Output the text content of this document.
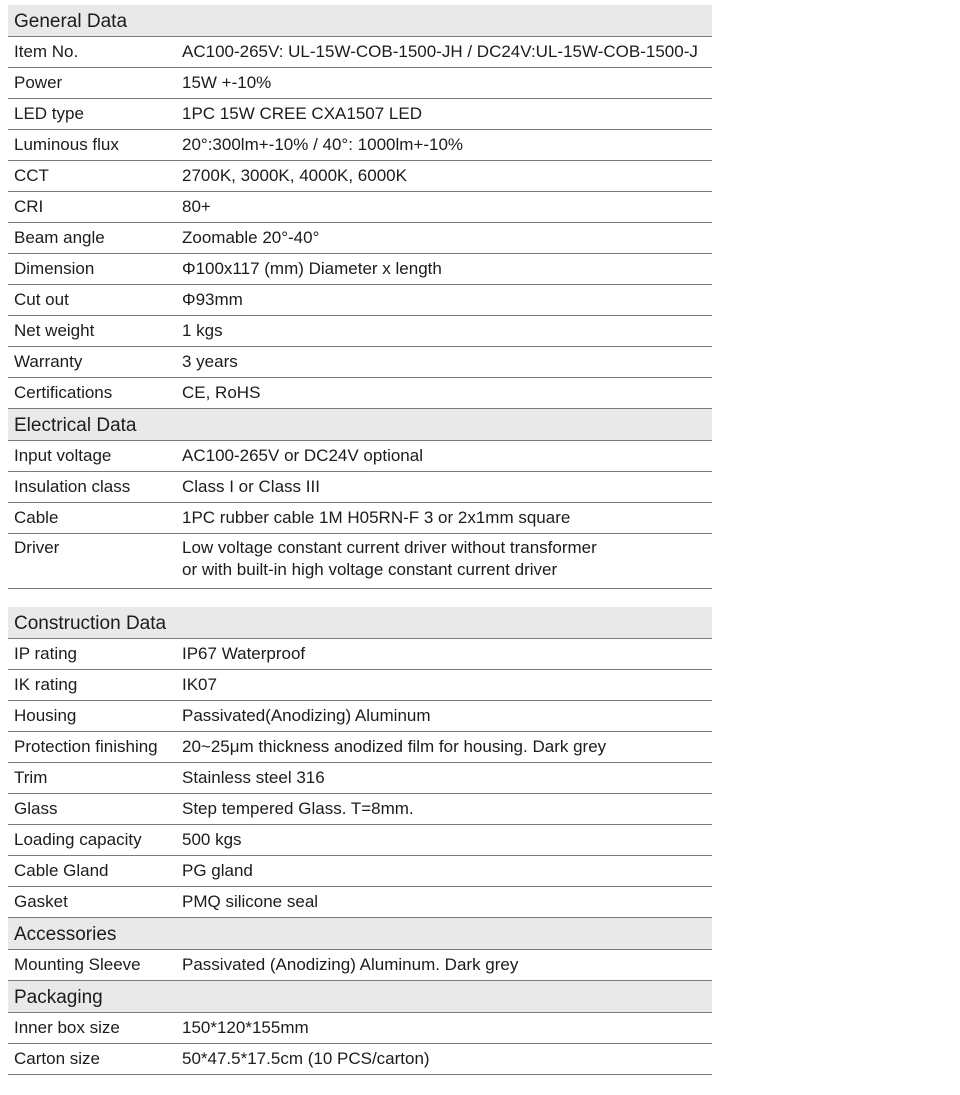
General Data
Item No.	AC100-265V: UL-15W-COB-1500-JH / DC24V:UL-15W-COB-1500-J
Power	15W +-10%
LED type	1PC 15W CREE CXA1507 LED
Luminous flux	20°:300lm+-10% / 40°: 1000lm+-10%
CCT	2700K, 3000K, 4000K, 6000K
CRI	80+
Beam angle	Zoomable 20°-40°
Dimension	Φ100x117 (mm) Diameter x length
Cut out	Φ93mm
Net weight	1 kgs
Warranty	3 years
Certifications	CE, RoHS
Electrical Data
Input voltage	AC100-265V or DC24V optional
Insulation class	Class I or Class III
Cable	1PC rubber cable 1M H05RN-F 3 or 2x1mm square
Driver	Low voltage constant current driver without transformer
or with built-in high voltage constant current driver
Construction Data
IP rating	IP67 Waterproof
IK rating	IK07
Housing	Passivated(Anodizing) Aluminum
Protection finishing	20~25μm thickness anodized film for housing. Dark grey
Trim	Stainless steel 316
Glass	Step tempered Glass. T=8mm.
Loading capacity	500 kgs
Cable Gland	PG gland
Gasket	PMQ silicone seal
Accessories
Mounting Sleeve	Passivated (Anodizing) Aluminum. Dark grey
Packaging
Inner box size	150*120*155mm
Carton size	50*47.5*17.5cm (10 PCS/carton)
